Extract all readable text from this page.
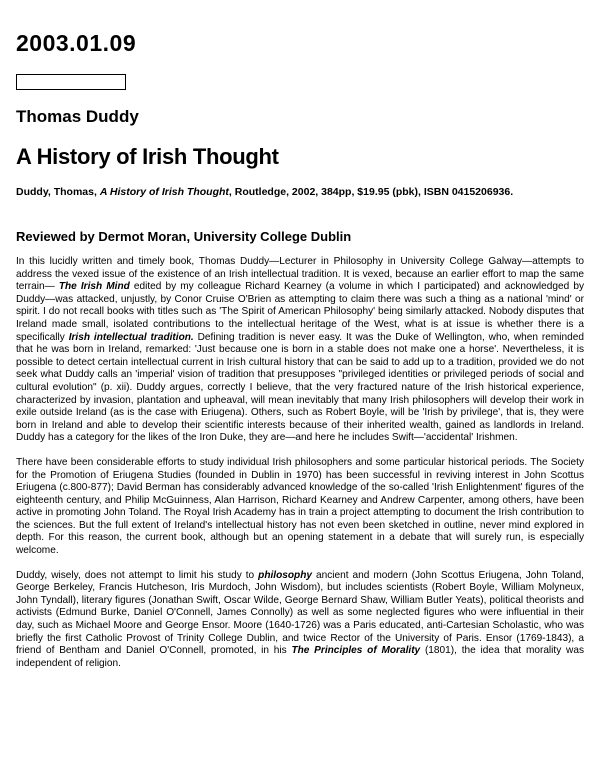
2003.01.09
Thomas Duddy
A History of Irish Thought
Duddy, Thomas, A History of Irish Thought, Routledge, 2002, 384pp, $19.95 (pbk), ISBN 0415206936.
Reviewed by Dermot Moran, University College Dublin

In this lucidly written and timely book, Thomas Duddy—Lecturer in Philosophy in University College Galway—attempts to address the vexed issue of the existence of an Irish intellectual tradition. It is vexed, because an earlier effort to map the same terrain— The Irish Mind edited by my colleague Richard Kearney (a volume in which I participated) and acknowledged by Duddy—was attacked, unjustly, by Conor Cruise O'Brien as attempting to claim there was such a thing as a national 'mind' or spirit. I do not recall books with titles such as 'The Spirit of American Philosophy' being similarly attacked. Nobody disputes that Ireland made small, isolated contributions to the intellectual heritage of the West, what is at issue is whether there is a specifically Irish intellectual tradition. Defining tradition is never easy. It was the Duke of Wellington, who, when reminded that he was born in Ireland, remarked: 'Just because one is born in a stable does not make one a horse'. Nevertheless, it is possible to detect certain intellectual current in Irish cultural history that can be said to add up to a tradition, provided we do not seek what Duddy calls an 'imperial' vision of tradition that presupposes "privileged identities or privileged periods of social and cultural evolution" (p. xii). Duddy argues, correctly I believe, that the very fractured nature of the Irish historical experience, characterized by invasion, plantation and upheaval, will mean inevitably that many Irish philosophers will develop their work in exile outside Ireland (as is the case with Eriugena). Others, such as Robert Boyle, will be 'Irish by privilege', that is, they were born in Ireland and able to develop their scientific interests because of their inherited wealth, gained as landlords in Ireland. Duddy has a category for the likes of the Iron Duke, they are—and here he includes Swift—'accidental' Irishmen.

There have been considerable efforts to study individual Irish philosophers and some particular historical periods. The Society for the Promotion of Eriugena Studies (founded in Dublin in 1970) has been successful in reviving interest in John Scottus Eriugena (c.800-877); David Berman has considerably advanced knowledge of the so-called 'Irish Enlightenment' figures of the eighteenth century, and Philip McGuinness, Alan Harrison, Richard Kearney and Andrew Carpenter, among others, have been active in promoting John Toland. The Royal Irish Academy has in train a project attempting to document the Irish contribution to the sciences. But the full extent of Ireland's intellectual history has not even been sketched in outline, never mind explored in depth. For this reason, the current book, although but an opening statement in a debate that will surely run, is especially welcome.

Duddy, wisely, does not attempt to limit his study to philosophy ancient and modern (John Scottus Eriugena, John Toland, George Berkeley, Francis Hutcheson, Iris Murdoch, John Wisdom), but includes scientists (Robert Boyle, William Molyneux, John Tyndall), literary figures (Jonathan Swift, Oscar Wilde, George Bernard Shaw, William Butler Yeats), political theorists and activists (Edmund Burke, Daniel O'Connell, James Connolly) as well as some neglected figures who were influential in their day, such as Michael Moore and George Ensor. Moore (1640-1726) was a Paris educated, anti-Cartesian Scholastic, who was briefly the first Catholic Provost of Trinity College Dublin, and twice Rector of the University of Paris. Ensor (1769-1843), a friend of Bentham and Daniel O'Connell, promoted, in his The Principles of Morality (1801), the idea that morality was independent of religion.
